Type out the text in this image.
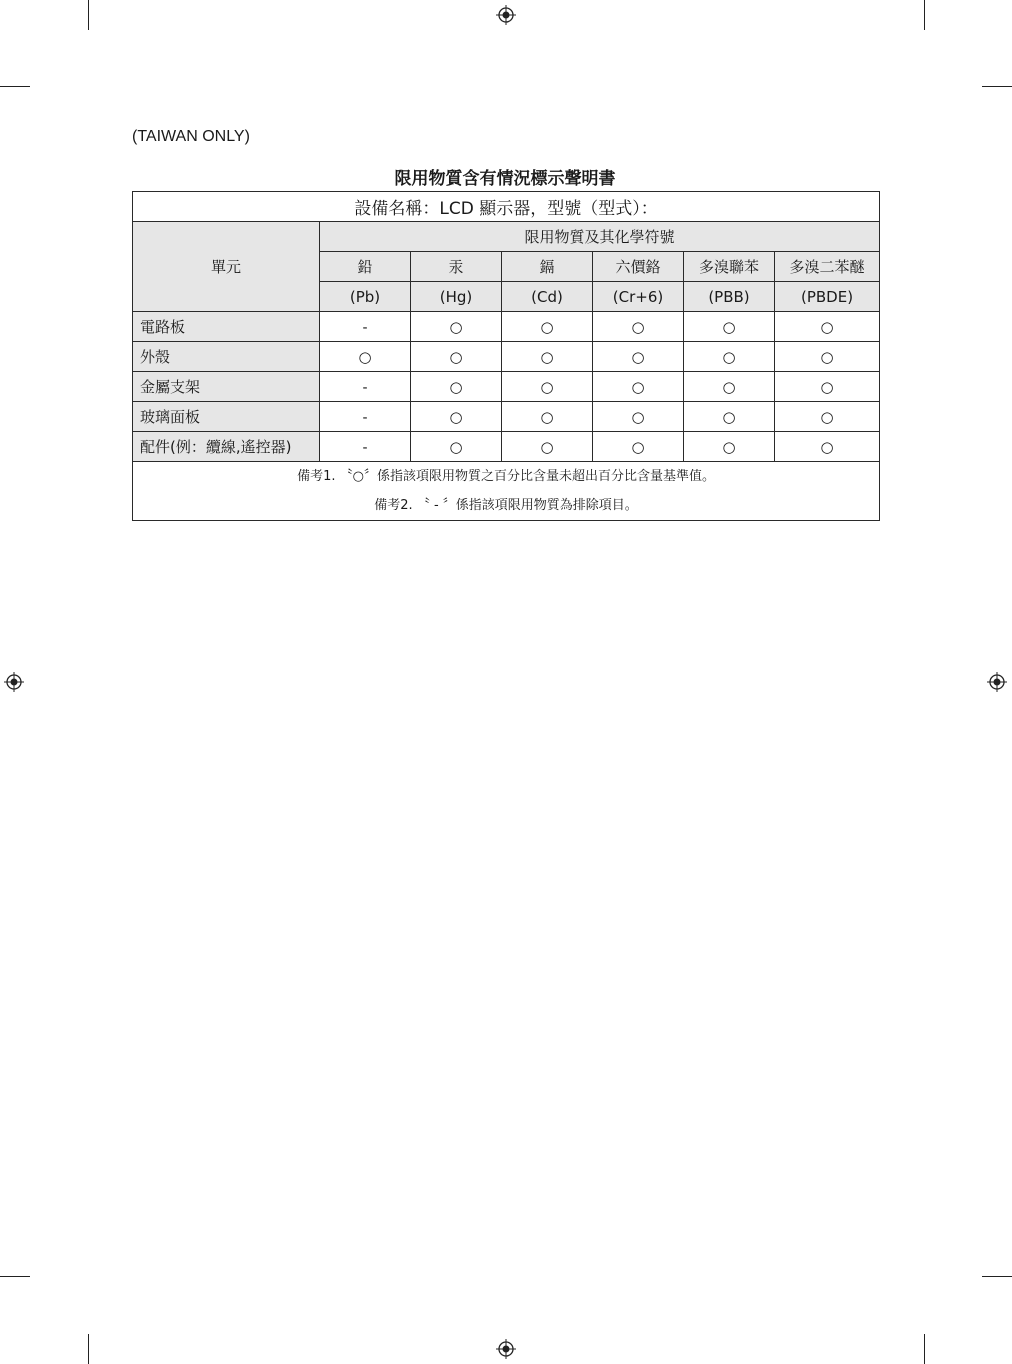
(TAIWAN ONLY)
限用物質含有情況標示聲明書
設備名稱：LCD 顯示器，型號（型式）：						
單元	限用物質及其化學符號					
	鉛	汞	鎘	六價鉻	多溴聯苯	多溴二苯醚
	(Pb)	(Hg)	(Cd)	(Cr+6)	(PBB)	(PBDE)
電路板	-	○	○	○	○	○
外殼	○	○	○	○	○	○
金屬支架	-	○	○	○	○	○
玻璃面板	-	○	○	○	○	○
配件(例：纜線,遙控器)	-	○	○	○	○	○

備考1. 〝○〞係指該項限用物質之百分比含量未超出百分比含量基準值。
備考2. 〝 - 〞係指該項限用物質為排除項目。						
